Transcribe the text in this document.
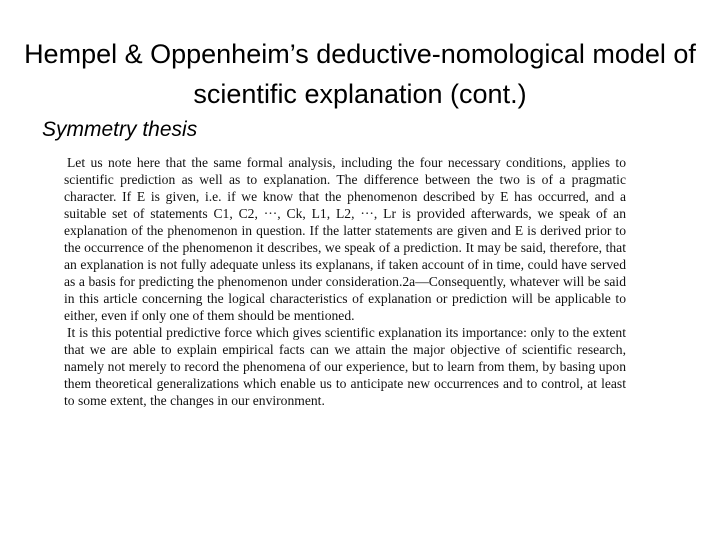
Hempel & Oppenheim’s deductive-nomological model of scientific explanation (cont.)
Symmetry thesis

Let us note here that the same formal analysis, including the four necessary conditions, applies to scientific prediction as well as to explanation. The difference between the two is of a pragmatic character. If E is given, i.e. if we know that the phenomenon described by E has occurred, and a suitable set of statements C1, C2, ···, Ck, L1, L2, ···, Lr is provided afterwards, we speak of an explanation of the phenomenon in question. If the latter statements are given and E is derived prior to the occurrence of the phenomenon it describes, we speak of a prediction. It may be said, therefore, that an explanation is not fully adequate unless its explanans, if taken account of in time, could have served as a basis for predicting the phenomenon under consideration.2a—Consequently, whatever will be said in this article concerning the logical characteristics of explanation or prediction will be applicable to either, even if only one of them should be mentioned.

It is this potential predictive force which gives scientific explanation its importance: only to the extent that we are able to explain empirical facts can we attain the major objective of scientific research, namely not merely to record the phenomena of our experience, but to learn from them, by basing upon them theoretical generalizations which enable us to anticipate new occurrences and to control, at least to some extent, the changes in our environment.
